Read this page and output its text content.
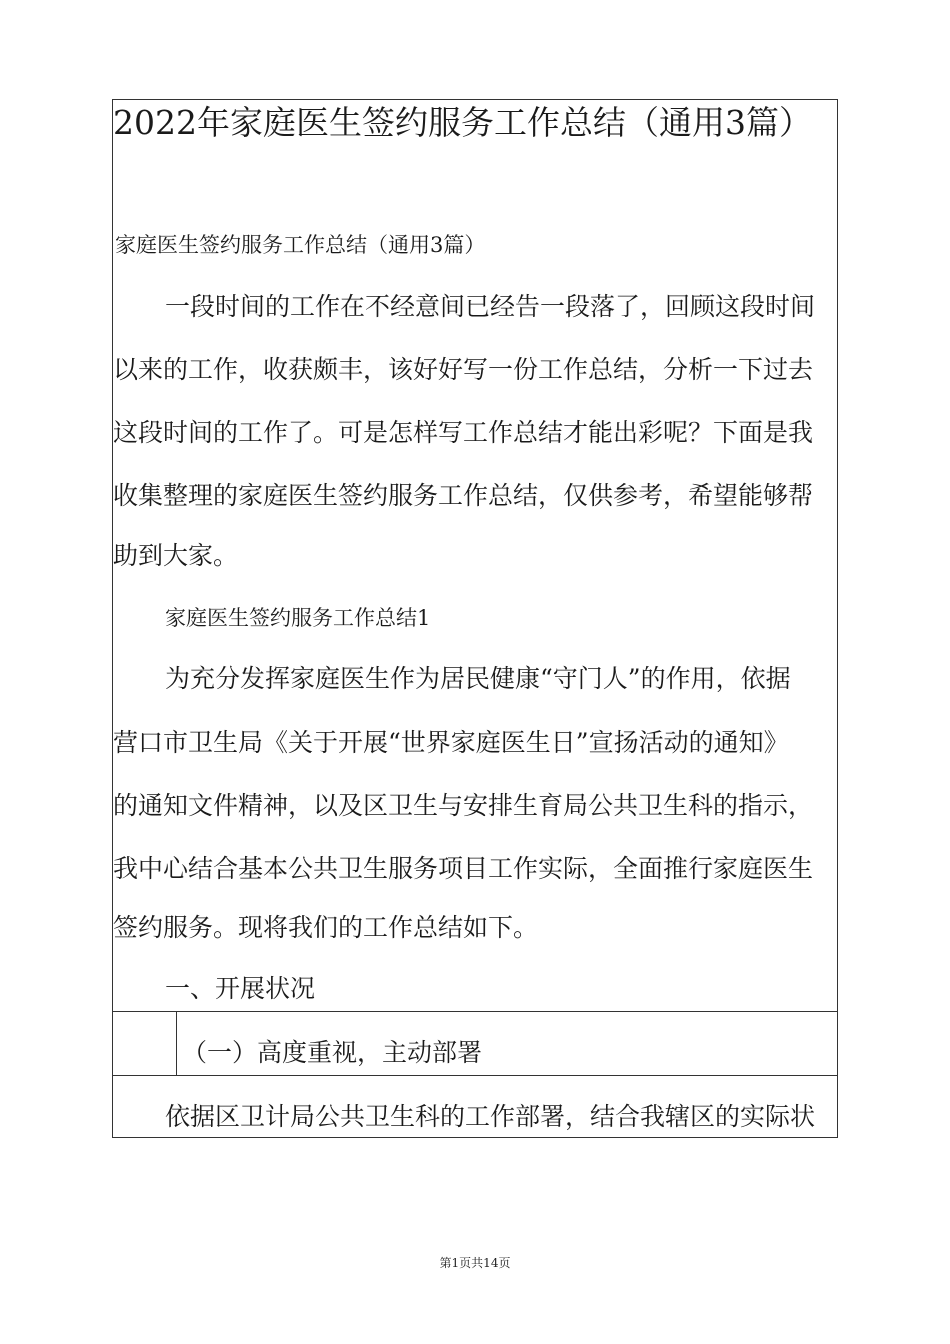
2022年家庭医生签约服务工作总结（通用3篇）
家庭医生签约服务工作总结（通用3篇）
一段时间的工作在不经意间已经告一段落了，回顾这段时间
以来的工作，收获颇丰，该好好写一份工作总结，分析一下过去
这段时间的工作了。可是怎样写工作总结才能出彩呢？下面是我
收集整理的家庭医生签约服务工作总结，仅供参考，希望能够帮
助到大家。
家庭医生签约服务工作总结1
为充分发挥家庭医生作为居民健康“守门人”的作用，依据
营口市卫生局《关于开展“世界家庭医生日”宣扬活动的通知》
的通知文件精神，以及区卫生与安排生育局公共卫生科的指示，
我中心结合基本公共卫生服务项目工作实际，全面推行家庭医生
签约服务。现将我们的工作总结如下。
一、开展状况
（一）高度重视，主动部署
依据区卫计局公共卫生科的工作部署，结合我辖区的实际状
第1页共14页
